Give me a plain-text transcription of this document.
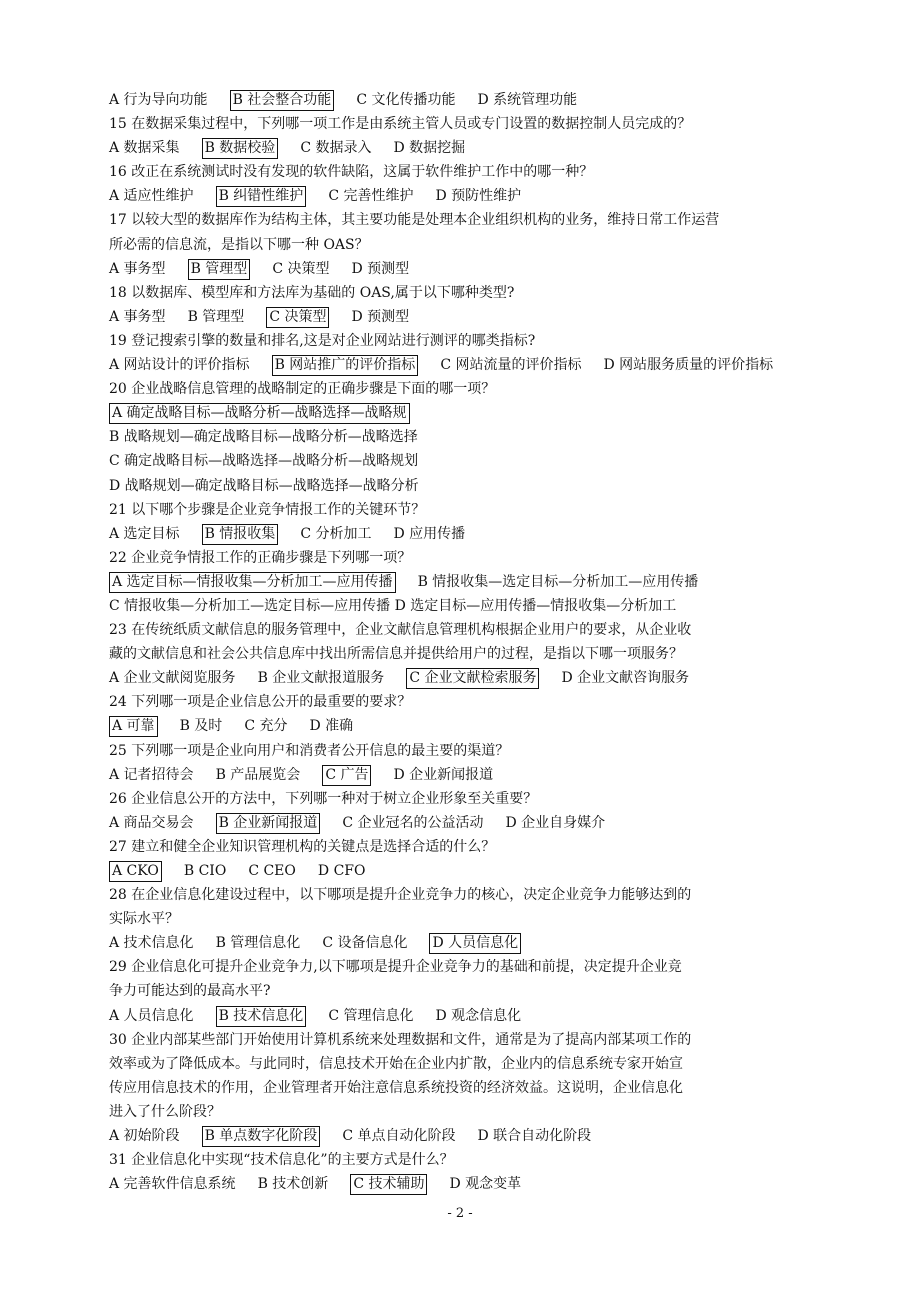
A 行为导向功能 B 社会整合功能 C 文化传播功能 D 系统管理功能
15 在数据采集过程中，下列哪一项工作是由系统主管人员或专门设置的数据控制人员完成的？
A 数据采集 B 数据校验 C 数据录入 D 数据挖掘
16 改正在系统测试时没有发现的软件缺陷，这属于软件维护工作中的哪一种？
A 适应性维护 B 纠错性维护 C 完善性维护 D 预防性维护
17 以较大型的数据库作为结构主体，其主要功能是处理本企业组织机构的业务，维持日常工作运营
所必需的信息流，是指以下哪一种 OAS？
A 事务型 B 管理型 C 决策型 D 预测型
18 以数据库、模型库和方法库为基础的 OAS,属于以下哪种类型?
A 事务型 B 管理型 C 决策型 D 预测型
19 登记搜索引擎的数量和排名,这是对企业网站进行测评的哪类指标?
A 网站设计的评价指标 B 网站推广的评价指标 C 网站流量的评价指标 D 网站服务质量的评价指标
20 企业战略信息管理的战略制定的正确步骤是下面的哪一项？
A 确定战略目标—战略分析—战略选择—战略规
B 战略规划—确定战略目标—战略分析—战略选择
C 确定战略目标—战略选择—战略分析—战略规划
D 战略规划—确定战略目标—战略选择—战略分析
21 以下哪个步骤是企业竞争情报工作的关键环节？
A 选定目标 B 情报收集 C 分析加工 D 应用传播
22 企业竞争情报工作的正确步骤是下列哪一项？
A 选定目标—情报收集—分析加工—应用传播 B 情报收集—选定目标—分析加工—应用传播
C 情报收集—分析加工—选定目标—应用传播 D 选定目标—应用传播—情报收集—分析加工
23 在传统纸质文献信息的服务管理中，企业文献信息管理机构根据企业用户的要求，从企业收
藏的文献信息和社会公共信息库中找出所需信息并提供给用户的过程，是指以下哪一项服务？
A 企业文献阅览服务 B 企业文献报道服务 C 企业文献检索服务 D 企业文献咨询服务
24 下列哪一项是企业信息公开的最重要的要求？
A 可靠 B 及时 C 充分 D 准确
25 下列哪一项是企业向用户和消费者公开信息的最主要的渠道？
A 记者招待会 B 产品展览会 C 广告 D 企业新闻报道
26 企业信息公开的方法中，下列哪一种对于树立企业形象至关重要？
A 商品交易会 B 企业新闻报道 C 企业冠名的公益活动 D 企业自身媒介
27 建立和健全企业知识管理机构的关键点是选择合适的什么？
A CKO B CIO C CEO D CFO
28 在企业信息化建设过程中，以下哪项是提升企业竞争力的核心，决定企业竞争力能够达到的
实际水平？
A 技术信息化 B 管理信息化 C 设备信息化 D 人员信息化
29 企业信息化可提升企业竞争力,以下哪项是提升企业竞争力的基础和前提，决定提升企业竞
争力可能达到的最高水平?
A 人员信息化 B 技术信息化 C 管理信息化 D 观念信息化
30 企业内部某些部门开始使用计算机系统来处理数据和文件，通常是为了提高内部某项工作的
效率或为了降低成本。与此同时，信息技术开始在企业内扩散，企业内的信息系统专家开始宣
传应用信息技术的作用，企业管理者开始注意信息系统投资的经济效益。这说明，企业信息化
进入了什么阶段？
A 初始阶段 B 单点数字化阶段 C 单点自动化阶段 D 联合自动化阶段
31 企业信息化中实现“技术信息化”的主要方式是什么？
A 完善软件信息系统 B 技术创新 C 技术辅助 D 观念变革
- 2 -
